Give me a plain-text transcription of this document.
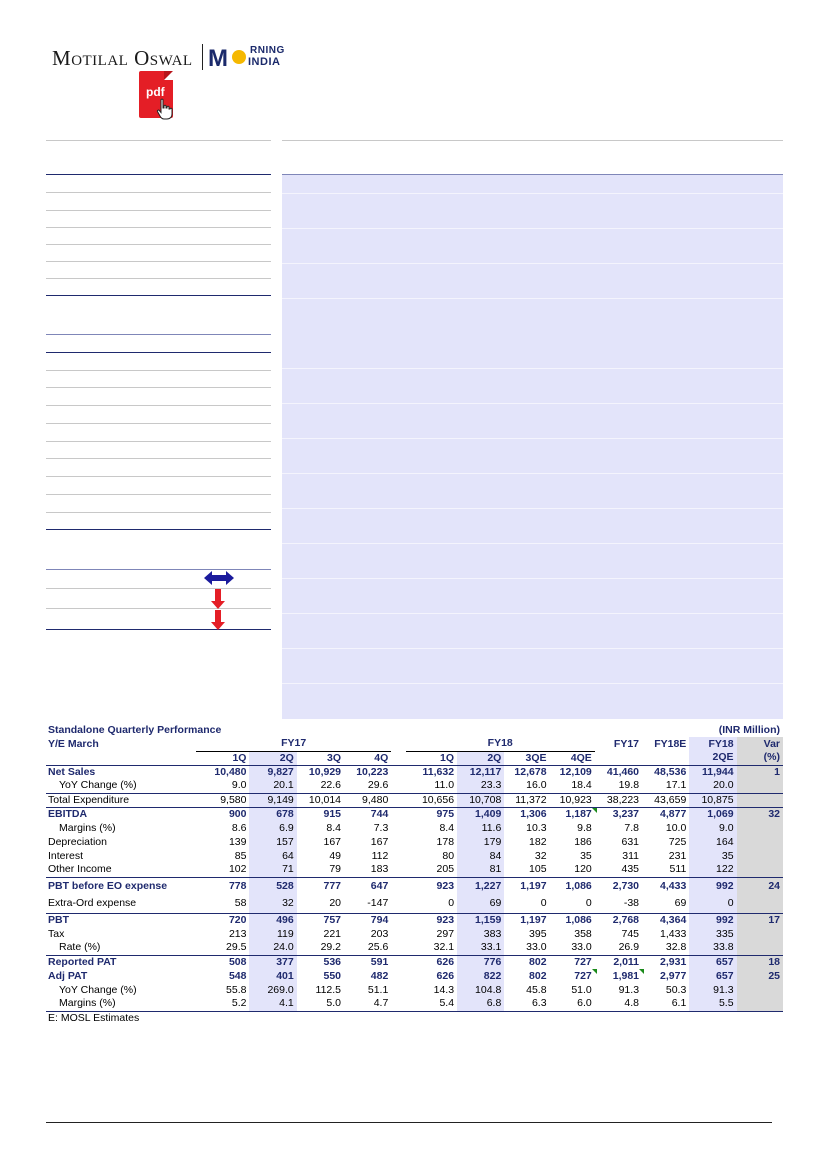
MOTILAL OSWAL M RNING
INDIA
pdf
Standalone Quarterly Performance											(INR Million)		
Y/E March	FY17					FY18				FY17	FY18E	FY18	Var
	1Q	2Q	3Q	4Q		1Q	2Q	3QE	4QE			2QE	(%)
Net Sales	10,480	9,827	10,929	10,223		11,632	12,117	12,678	12,109	41,460	48,536	11,944	1
YoY Change (%)	9.0	20.1	22.6	29.6		11.0	23.3	16.0	18.4	19.8	17.1	20.0	
Total Expenditure	9,580	9,149	10,014	9,480		10,656	10,708	11,372	10,923	38,223	43,659	10,875	
EBITDA	900	678	915	744		975	1,409	1,306	1,187	3,237	4,877	1,069	32
Margins (%)	8.6	6.9	8.4	7.3		8.4	11.6	10.3	9.8	7.8	10.0	9.0	
Depreciation	139	157	167	167		178	179	182	186	631	725	164	
Interest	85	64	49	112		80	84	32	35	311	231	35	
Other Income	102	71	79	183		205	81	105	120	435	511	122	
PBT before EO expense	778	528	777	647		923	1,227	1,197	1,086	2,730	4,433	992	24
Extra-Ord expense	58	32	20	-147		0	69	0	0	-38	69	0	
PBT	720	496	757	794		923	1,159	1,197	1,086	2,768	4,364	992	17
Tax	213	119	221	203		297	383	395	358	745	1,433	335	
Rate (%)	29.5	24.0	29.2	25.6		32.1	33.1	33.0	33.0	26.9	32.8	33.8	
Reported PAT	508	377	536	591		626	776	802	727	2,011	2,931	657	18
Adj PAT	548	401	550	482		626	822	802	727	1,981	2,977	657	25
YoY Change (%)	55.8	269.0	112.5	51.1		14.3	104.8	45.8	51.0	91.3	50.3	91.3	
Margins (%)	5.2	4.1	5.0	4.7		5.4	6.8	6.3	6.0	4.8	6.1	5.5	
E: MOSL Estimates													
